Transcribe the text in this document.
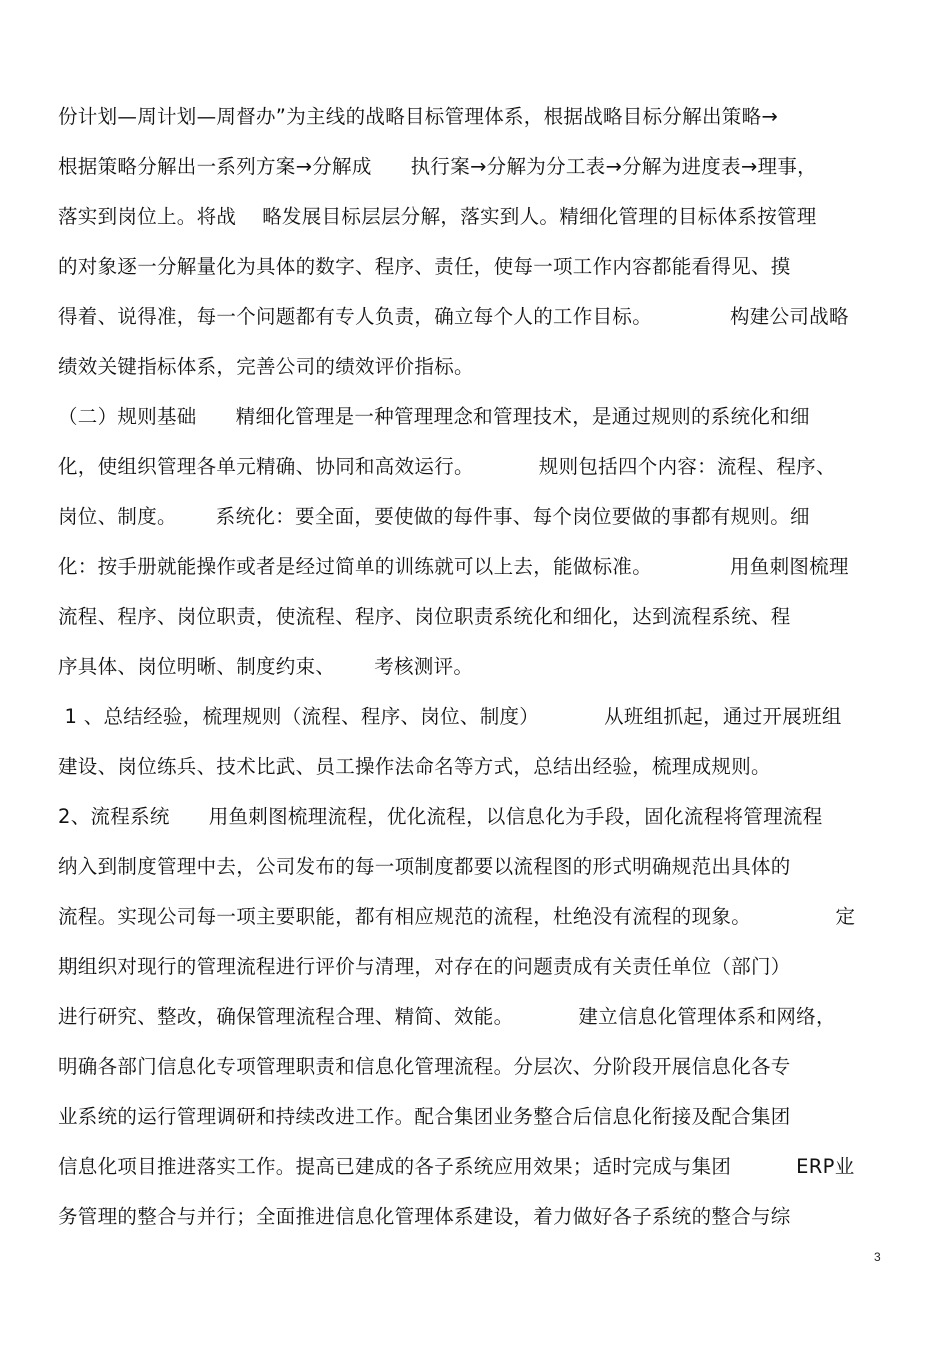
份计划—周计划—周督办”为主线的战略目标管理体系，根据战略目标分解出策略→
根据策略分解出一系列方案→分解成      执行案→分解为分工表→分解为进度表→理事，
落实到岗位上。将战    略发展目标层层分解，落实到人。精细化管理的目标体系按管理
的对象逐一分解量化为具体的数字、程序、责任，使每一项工作内容都能看得见、摸
得着、说得准，每一个问题都有专人负责，确立每个人的工作目标。            构建公司战略
绩效关键指标体系，完善公司的绩效评价指标。
（二）规则基础      精细化管理是一种管理理念和管理技术，是通过规则的系统化和细
化，使组织管理各单元精确、协同和高效运行。          规则包括四个内容：流程、程序、
岗位、制度。      系统化：要全面，要使做的每件事、每个岗位要做的事都有规则。细
化：按手册就能操作或者是经过简单的训练就可以上去，能做标准。            用鱼刺图梳理
流程、程序、岗位职责，使流程、程序、岗位职责系统化和细化，达到流程系统、程
序具体、岗位明晰、制度约束、      考核测评。
1 、总结经验，梳理规则（流程、程序、岗位、制度）          从班组抓起，通过开展班组
建设、岗位练兵、技术比武、员工操作法命名等方式，总结出经验，梳理成规则。
2、流程系统      用鱼刺图梳理流程，优化流程，以信息化为手段，固化流程将管理流程
纳入到制度管理中去，公司发布的每一项制度都要以流程图的形式明确规范出具体的
流程。实现公司每一项主要职能，都有相应规范的流程，杜绝没有流程的现象。             定
期组织对现行的管理流程进行评价与清理，对存在的问题责成有关责任单位（部门）
进行研究、整改，确保管理流程合理、精简、效能。          建立信息化管理体系和网络，
明确各部门信息化专项管理职责和信息化管理流程。分层次、分阶段开展信息化各专
业系统的运行管理调研和持续改进工作。配合集团业务整合后信息化衔接及配合集团
信息化项目推进落实工作。提高已建成的各子系统应用效果；适时完成与集团          ERP业
务管理的整合与并行；全面推进信息化管理体系建设，着力做好各子系统的整合与综
3
